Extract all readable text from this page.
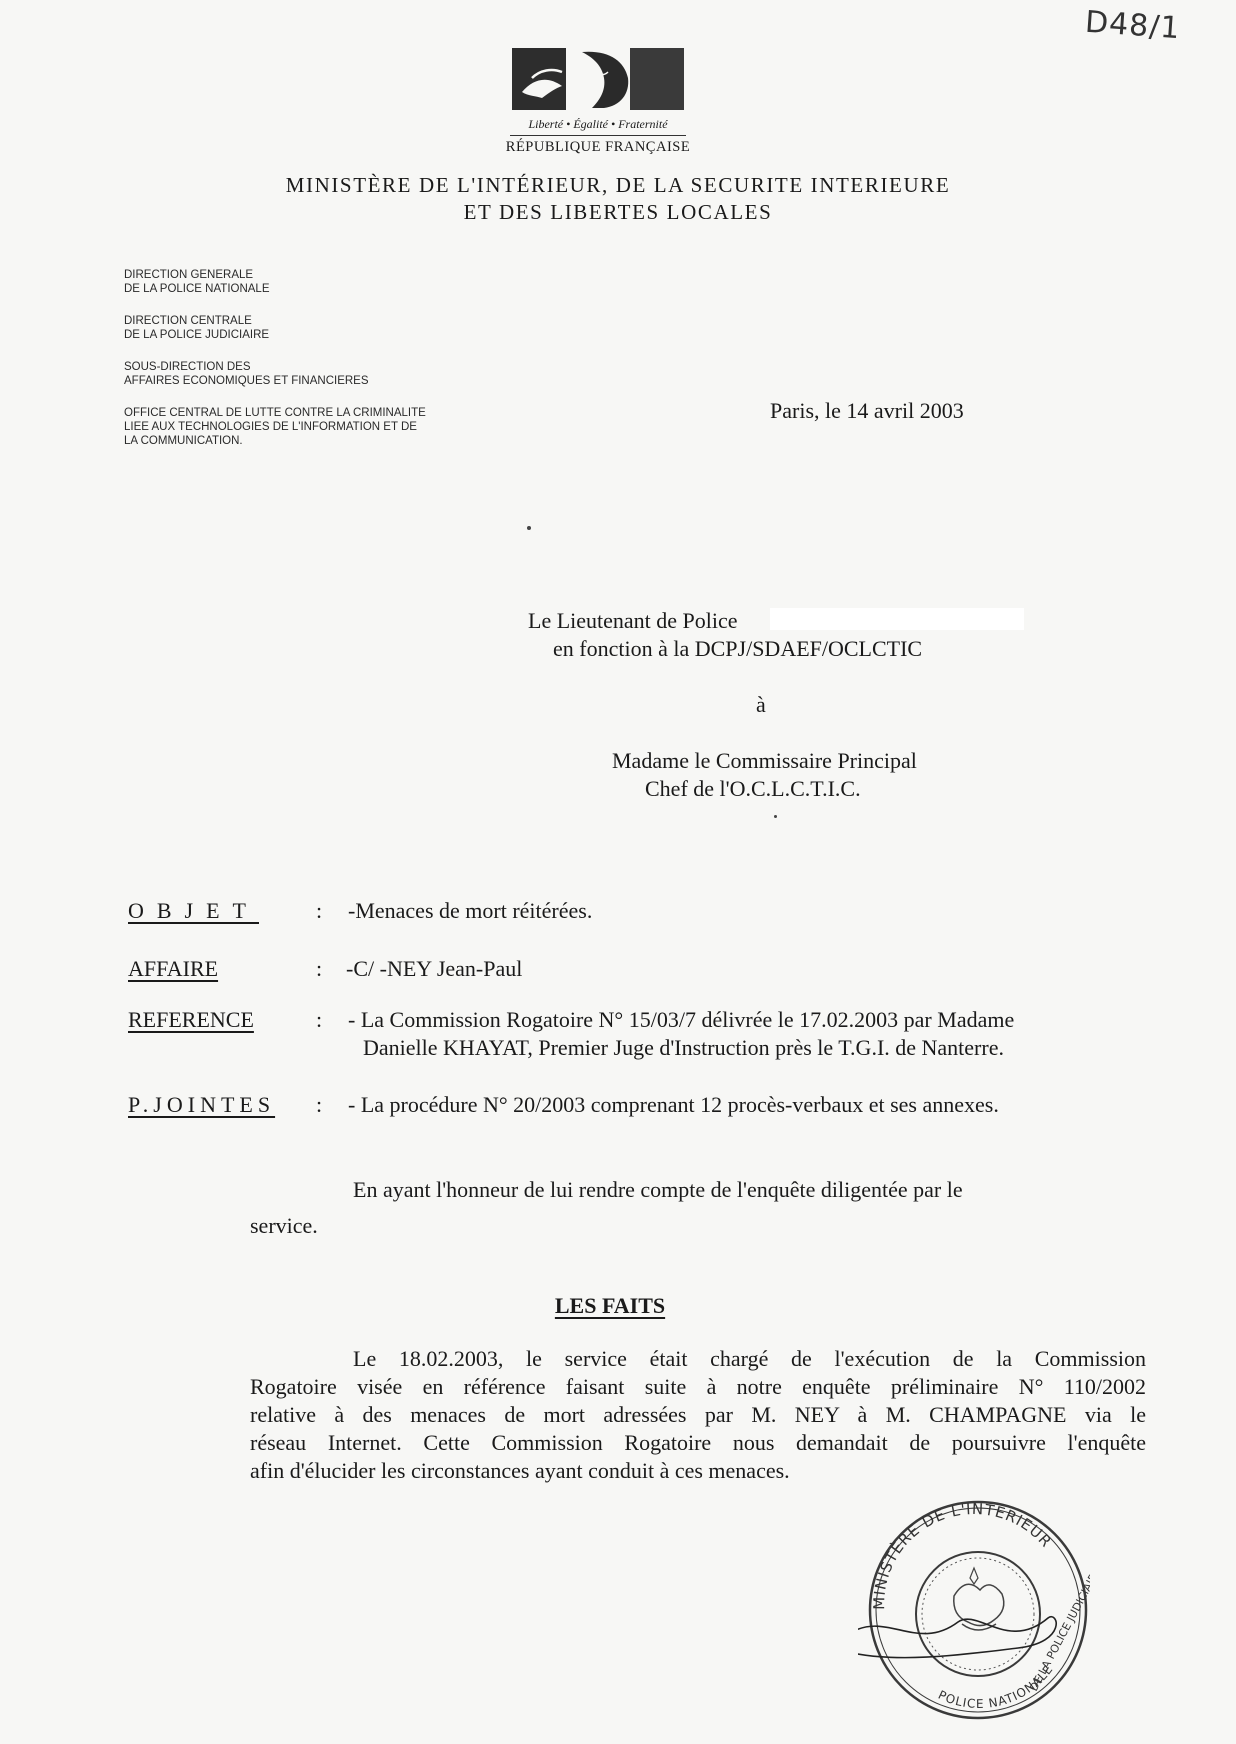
D48/1
Liberté • Égalité • Fraternité
RÉPUBLIQUE FRANÇAISE
MINISTÈRE DE L'INTÉRIEUR, DE LA SECURITE INTERIEURE
ET DES LIBERTES LOCALES
DIRECTION GENERALE
DE LA POLICE NATIONALE
DIRECTION CENTRALE
DE LA POLICE JUDICIAIRE
SOUS-DIRECTION DES
AFFAIRES ECONOMIQUES ET FINANCIERES
OFFICE CENTRAL DE LUTTE CONTRE LA CRIMINALITE
LIEE AUX TECHNOLOGIES DE L'INFORMATION ET DE
LA COMMUNICATION.
Paris, le 14 avril 2003
Le Lieutenant de Police
en fonction à la DCPJ/SDAEF/OCLCTIC
à
Madame le Commissaire Principal
Chef de l'O.C.L.C.T.I.C.
OBJET	: -Menaces de mort réitérées.
AFFAIRE	: -C/ -NEY Jean-Paul
REFERENCE	: - La Commission Rogatoire N° 15/03/7 délivrée le 17.02.2003 par Madame
Danielle KHAYAT, Premier Juge d'Instruction près le T.G.I. de Nanterre.
P.JOINTES : - La procédure N° 20/2003 comprenant 12 procès-verbaux et ses annexes.
En ayant l'honneur de lui rendre compte de l'enquête diligentée par le
service.
LES FAITS
Le 18.02.2003, le service était chargé de l'exécution de la Commission
Rogatoire visée en référence faisant suite à notre enquête préliminaire N° 110/2002
relative à des menaces de mort adressées par M. NEY à M. CHAMPAGNE via le
réseau Internet. Cette Commission Rogatoire nous demandait de poursuivre l'enquête
afin d'élucider les circonstances ayant conduit à ces menaces.
MINISTÈRE DE L'INTÉRIEUR
POLICE NATIONALE
DE LA POLICE JUDICIAIRE
